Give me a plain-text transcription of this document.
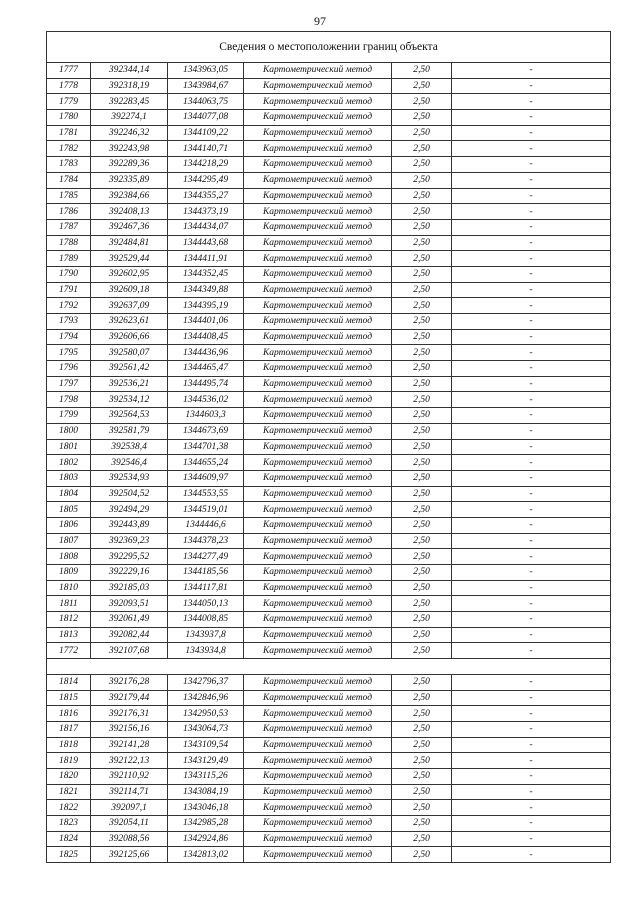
97
Сведения о местоположении границ объекта					
1777	392344,14	1343963,05	Картометрический метод	2,50	-
1778	392318,19	1343984,67	Картометрический метод	2,50	-
1779	392283,45	1344063,75	Картометрический метод	2,50	-
1780	392274,1	1344077,08	Картометрический метод	2,50	-
1781	392246,32	1344109,22	Картометрический метод	2,50	-
1782	392243,98	1344140,71	Картометрический метод	2,50	-
1783	392289,36	1344218,29	Картометрический метод	2,50	-
1784	392335,89	1344295,49	Картометрический метод	2,50	-
1785	392384,66	1344355,27	Картометрический метод	2,50	-
1786	392408,13	1344373,19	Картометрический метод	2,50	-
1787	392467,36	1344434,07	Картометрический метод	2,50	-
1788	392484,81	1344443,68	Картометрический метод	2,50	-
1789	392529,44	1344411,91	Картометрический метод	2,50	-
1790	392602,95	1344352,45	Картометрический метод	2,50	-
1791	392609,18	1344349,88	Картометрический метод	2,50	-
1792	392637,09	1344395,19	Картометрический метод	2,50	-
1793	392623,61	1344401,06	Картометрический метод	2,50	-
1794	392606,66	1344408,45	Картометрический метод	2,50	-
1795	392580,07	1344436,96	Картометрический метод	2,50	-
1796	392561,42	1344465,47	Картометрический метод	2,50	-
1797	392536,21	1344495,74	Картометрический метод	2,50	-
1798	392534,12	1344536,02	Картометрический метод	2,50	-
1799	392564,53	1344603,3	Картометрический метод	2,50	-
1800	392581,79	1344673,69	Картометрический метод	2,50	-
1801	392538,4	1344701,38	Картометрический метод	2,50	-
1802	392546,4	1344655,24	Картометрический метод	2,50	-
1803	392534,93	1344609,97	Картометрический метод	2,50	-
1804	392504,52	1344553,55	Картометрический метод	2,50	-
1805	392494,29	1344519,01	Картометрический метод	2,50	-
1806	392443,89	1344446,6	Картометрический метод	2,50	-
1807	392369,23	1344378,23	Картометрический метод	2,50	-
1808	392295,52	1344277,49	Картометрический метод	2,50	-
1809	392229,16	1344185,56	Картометрический метод	2,50	-
1810	392185,03	1344117,81	Картометрический метод	2,50	-
1811	392093,51	1344050,13	Картометрический метод	2,50	-
1812	392061,49	1344008,85	Картометрический метод	2,50	-
1813	392082,44	1343937,8	Картометрический метод	2,50	-
1772	392107,68	1343934,8	Картометрический метод	2,50	-

1814	392176,28	1342796,37	Картометрический метод	2,50	-
1815	392179,44	1342846,96	Картометрический метод	2,50	-
1816	392176,31	1342950,53	Картометрический метод	2,50	-
1817	392156,16	1343064,73	Картометрический метод	2,50	-
1818	392141,28	1343109,54	Картометрический метод	2,50	-
1819	392122,13	1343129,49	Картометрический метод	2,50	-
1820	392110,92	1343115,26	Картометрический метод	2,50	-
1821	392114,71	1343084,19	Картометрический метод	2,50	-
1822	392097,1	1343046,18	Картометрический метод	2,50	-
1823	392054,11	1342985,28	Картометрический метод	2,50	-
1824	392088,56	1342924,86	Картометрический метод	2,50	-
1825	392125,66	1342813,02	Картометрический метод	2,50	-
